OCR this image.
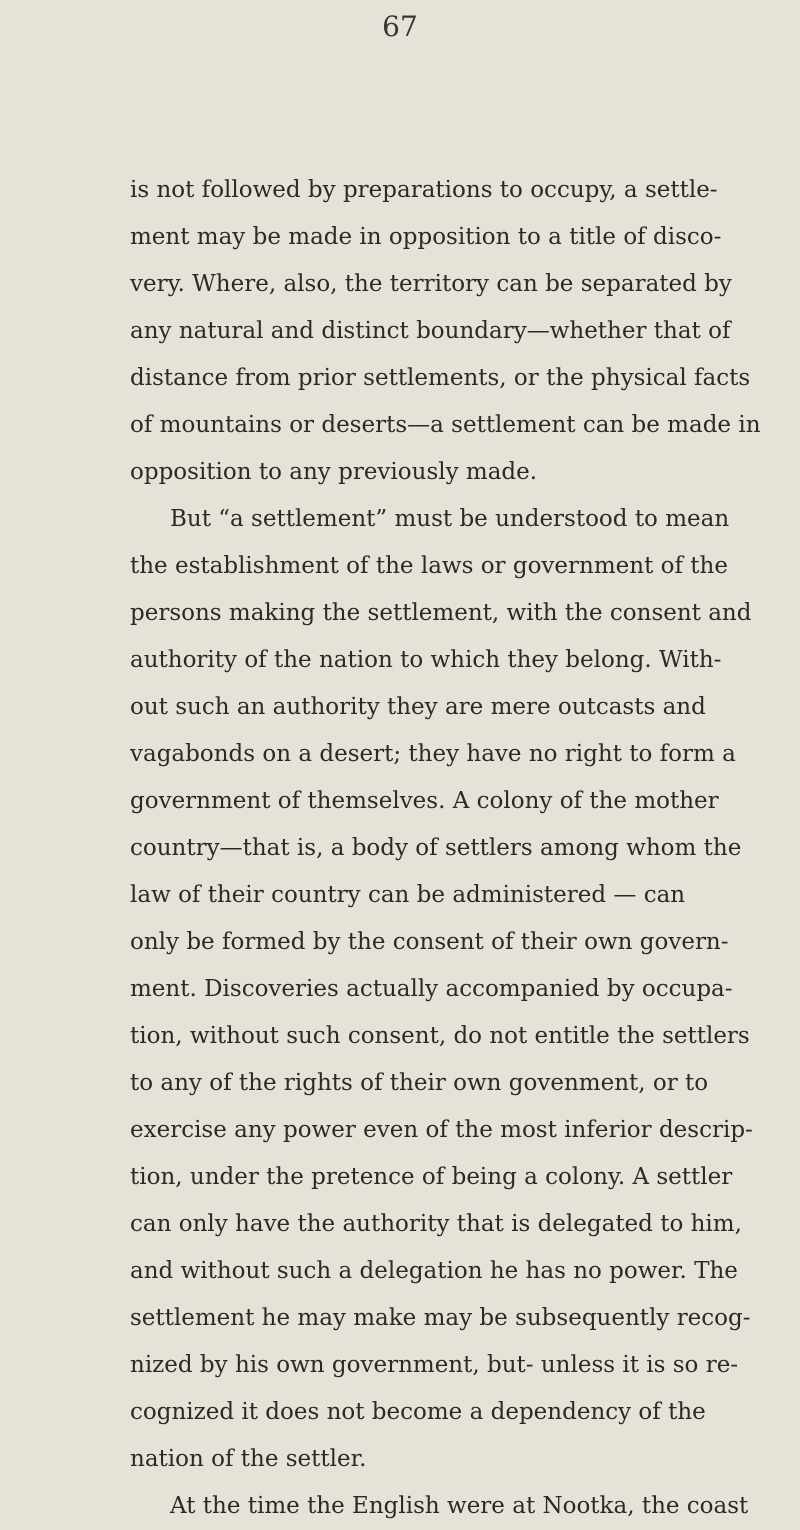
67
is not followed by preparations to occupy, a settle-
ment may be made in opposition to a title of disco-
very. Where, also, the territory can be separated by
any natural and distinct boundary—whether that of
distance from prior settlements, or the physical facts
of mountains or deserts—a settlement can be made in
opposition to any previously made.
But “a settlement” must be understood to mean
the establishment of the laws or government of the
persons making the settlement, with the consent and
authority of the nation to which they belong. With-
out such an authority they are mere outcasts and
vagabonds on a desert; they have no right to form a
government of themselves. A colony of the mother
country—that is, a body of settlers among whom the
law of their country can be administered — can
only be formed by the consent of their own govern-
ment. Discoveries actually accompanied by occupa-
tion, without such consent, do not entitle the settlers
to any of the rights of their own govenment, or to
exercise any power even of the most inferior descrip-
tion, under the pretence of being a colony. A settler
can only have the authority that is delegated to him,
and without such a delegation he has no power. The
settlement he may make may be subsequently recog-
nized by his own government, but- unless it is so re-
cognized it does not become a dependency of the
nation of the settler.
At the time the English were at Nootka, the coast
